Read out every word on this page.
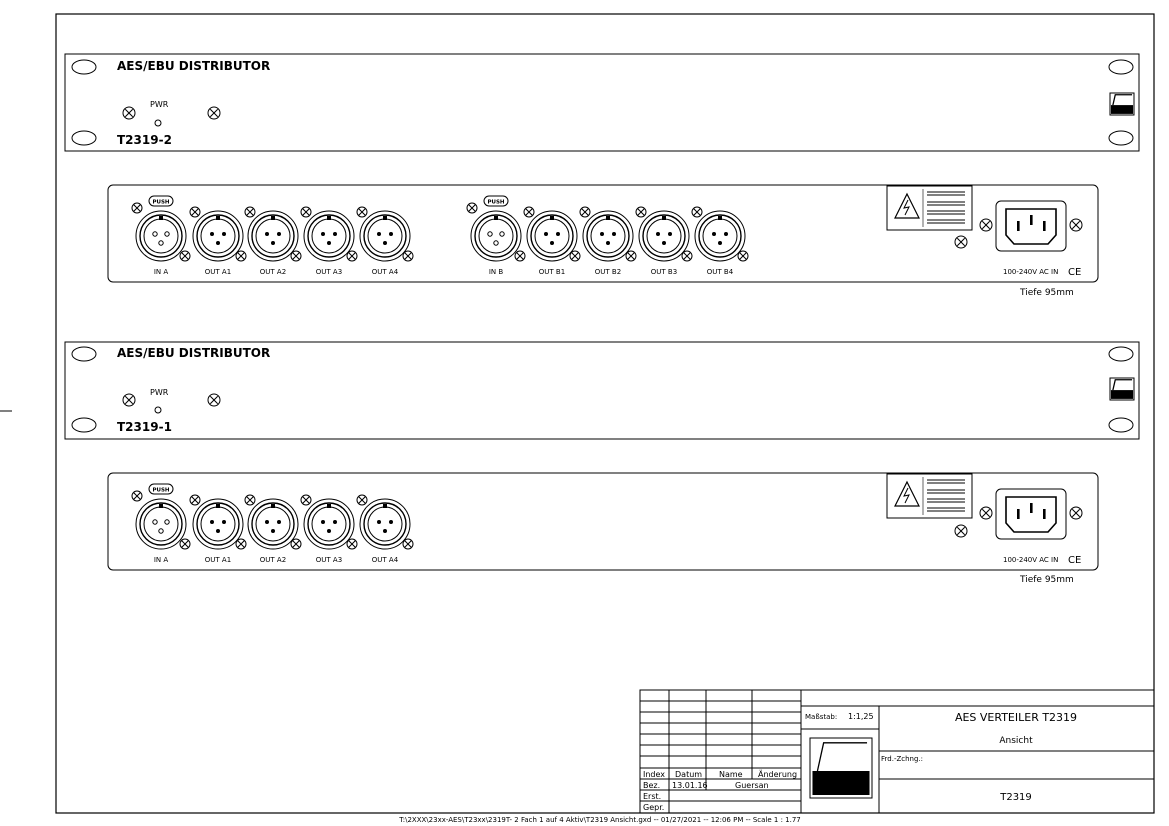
AES/EBU DISTRIBUTOR
PWR
T2319-2
MMB
PUSH
IN A	OUT A1	OUT A2	OUT A3	OUT A4
PUSH
IN B	OUT B1	OUT B2	OUT B3	OUT B4	100-240V AC IN CE
Tiefe 95mm
AES/EBU DISTRIBUTOR
PWR
T2319-1
MMB
PUSH
IN A	OUT A1	OUT A2	OUT A3	OUT A4	100-240V AC IN CE
Tiefe 95mm
Index Datum Name Änderung
Bez. 13.01.16	Guersan
Erst.
Gepr.
Maßstab: 1:1,25	AES VERTEILER T2319
Ansicht
Frd.-Zchng.:
T2319
MMB
T:\2XXX\23xx-AES\T23xx\2319T- 2 Fach 1 auf 4 Aktiv\T2319 Ansicht.gxd -- 01/27/2021 -- 12:06 PM -- Scale 1 : 1.77
